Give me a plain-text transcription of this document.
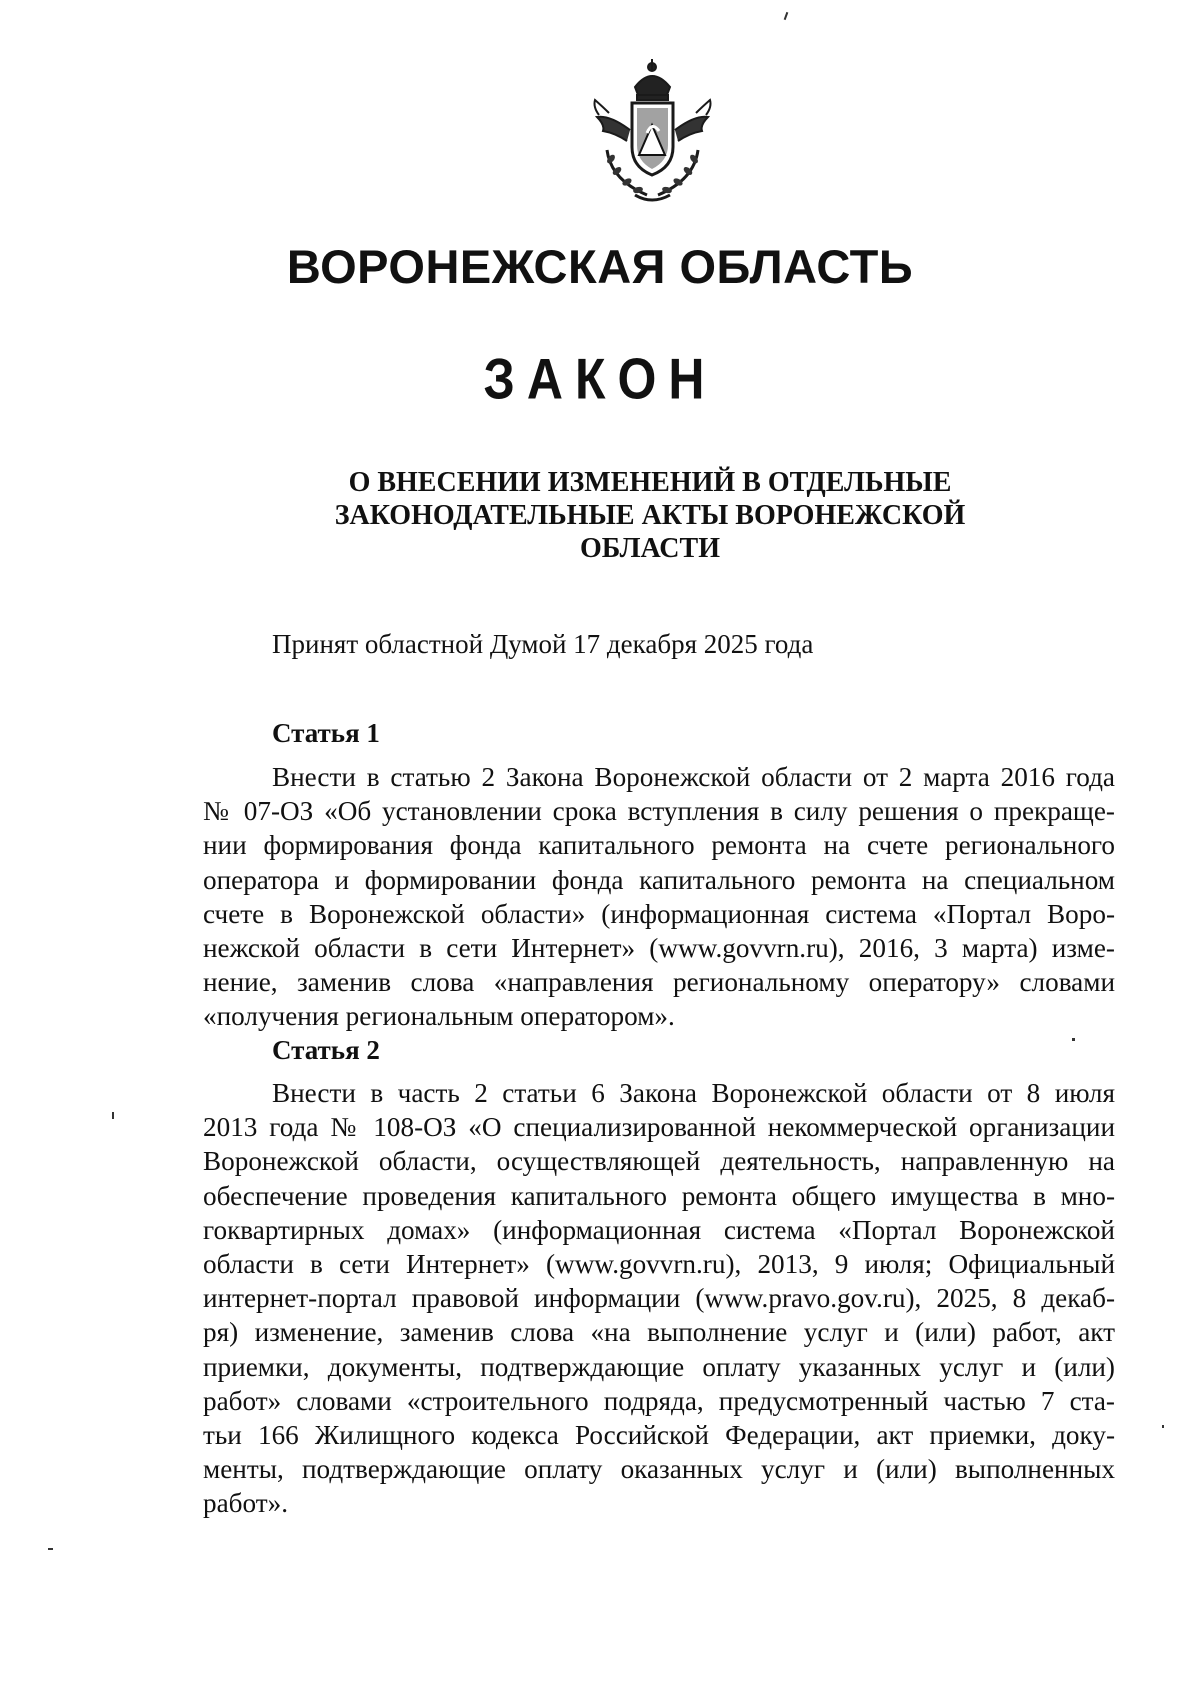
ВОРОНЕЖСКАЯ ОБЛАСТЬ
ЗАКОН
О ВНЕСЕНИИ ИЗМЕНЕНИЙ В ОТДЕЛЬНЫЕ
ЗАКОНОДАТЕЛЬНЫЕ АКТЫ ВОРОНЕЖСКОЙ
ОБЛАСТИ

Принят областной Думой 17 декабря 2025 года

Статья 1
Внести в статью 2 Закона Воронежской области от 2 марта 2016 года
№ 07-ОЗ «Об установлении срока вступления в силу решения о прекраще-
нии формирования фонда капитального ремонта на счете регионального
оператора и формировании фонда капитального ремонта на специальном
счете в Воронежской области» (информационная система «Портал Воро-
нежской области в сети Интернет» (www.govvrn.ru), 2016, 3 марта) изме-
нение, заменив слова «направления региональному оператору» словами
«получения региональным оператором».
Статья 2
Внести в часть 2 статьи 6 Закона Воронежской области от 8 июля
2013 года № 108-ОЗ «О специализированной некоммерческой организации
Воронежской области, осуществляющей деятельность, направленную на
обеспечение проведения капитального ремонта общего имущества в мно-
гоквартирных домах» (информационная система «Портал Воронежской
области в сети Интернет» (www.govvrn.ru), 2013, 9 июля; Официальный
интернет-портал правовой информации (www.pravo.gov.ru), 2025, 8 декаб-
ря) изменение, заменив слова «на выполнение услуг и (или) работ, акт
приемки, документы, подтверждающие оплату указанных услуг и (или)
работ» словами «строительного подряда, предусмотренный частью 7 ста-
тьи 166 Жилищного кодекса Российской Федерации, акт приемки, доку-
менты, подтверждающие оплату оказанных услуг и (или) выполненных
работ».
